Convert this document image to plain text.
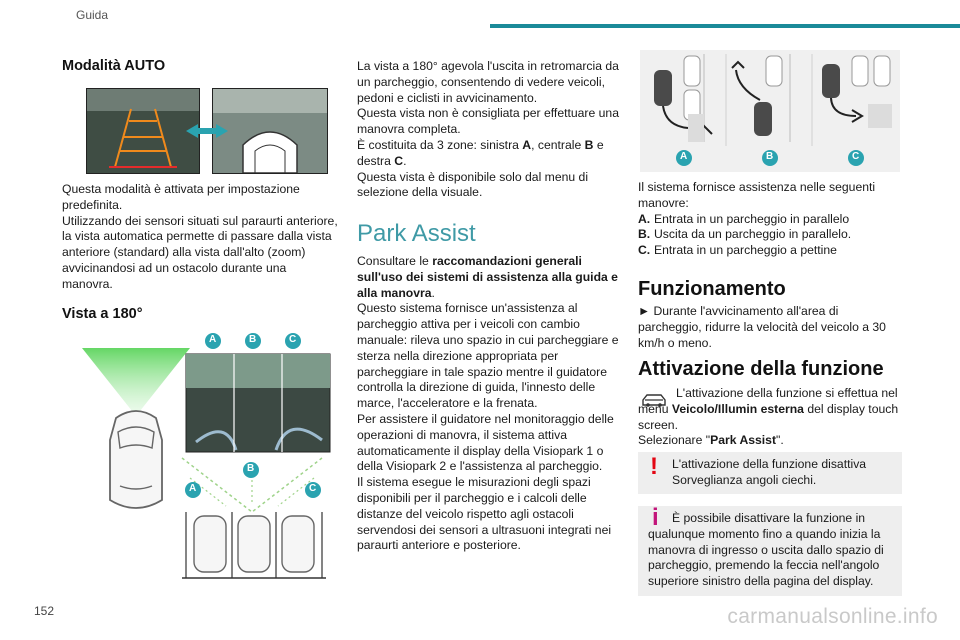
Guida
Modalità AUTO
Questa modalità è attivata per impostazione predefinita.
Utilizzando dei sensori situati sul paraurti anteriore, la vista automatica permette di passare dalla vista anteriore (standard) alla vista dall'alto (zoom) avvicinandosi ad un ostacolo durante una manovra.
Vista a 180°
A	B	C
B
A	C

La vista a 180° agevola l'uscita in retromarcia da un parcheggio, consentendo di vedere veicoli, pedoni e ciclisti in avvicinamento.
Questa vista non è consigliata per effettuare una manovra completa.

È costituita da 3 zone: sinistra A, centrale B e destra C.

Questa vista è disponibile solo dal menu di selezione della visuale.

Park Assist

Consultare le raccomandazioni generali sull'uso dei sistemi di assistenza alla guida e alla manovra.

Questo sistema fornisce un'assistenza al parcheggio attiva per i veicoli con cambio manuale: rileva uno spazio in cui parcheggiare e sterza nella direzione appropriata per parcheggiare in tale spazio mentre il guidatore controlla la direzione di guida, l'innesto delle marce, l'acceleratore e la frenata.
Per assistere il guidatore nel monitoraggio delle operazioni di manovra, il sistema attiva automaticamente il display della Visiopark 1 o della Visiopark 2 e l'assistenza al parcheggio.
Il sistema esegue le misurazioni degli spazi disponibili per il parcheggio e i calcoli delle distanze del veicolo rispetto agli ostacoli servendosi dei sensori a ultrasuoni integrati nei paraurti anteriore e posteriore.

A	B	C

Il sistema fornisce assistenza nelle seguenti manovre:

A. Entrata in un parcheggio in parallelo
B. Uscita da un parcheggio in parallelo.
C. Entrata in un parcheggio a pettine
Funzionamento
► Durante l'avvicinamento all'area di parcheggio, ridurre la velocità del veicolo a 30 km/h o meno.
Attivazione della funzione

L'attivazione della funzione si effettua nel menu Veicolo/Illumin esterna del display touch screen.

Selezionare "Park Assist".

! L'attivazione della funzione disattiva Sorveglianza angoli ciechi.
i	È possibile disattivare la funzione in qualunque momento fino a quando inizia la manovra di ingresso o uscita dallo spazio di parcheggio, premendo la feccia nell'angolo superiore sinistro della pagina del display.
152	carmanualsonline.info
